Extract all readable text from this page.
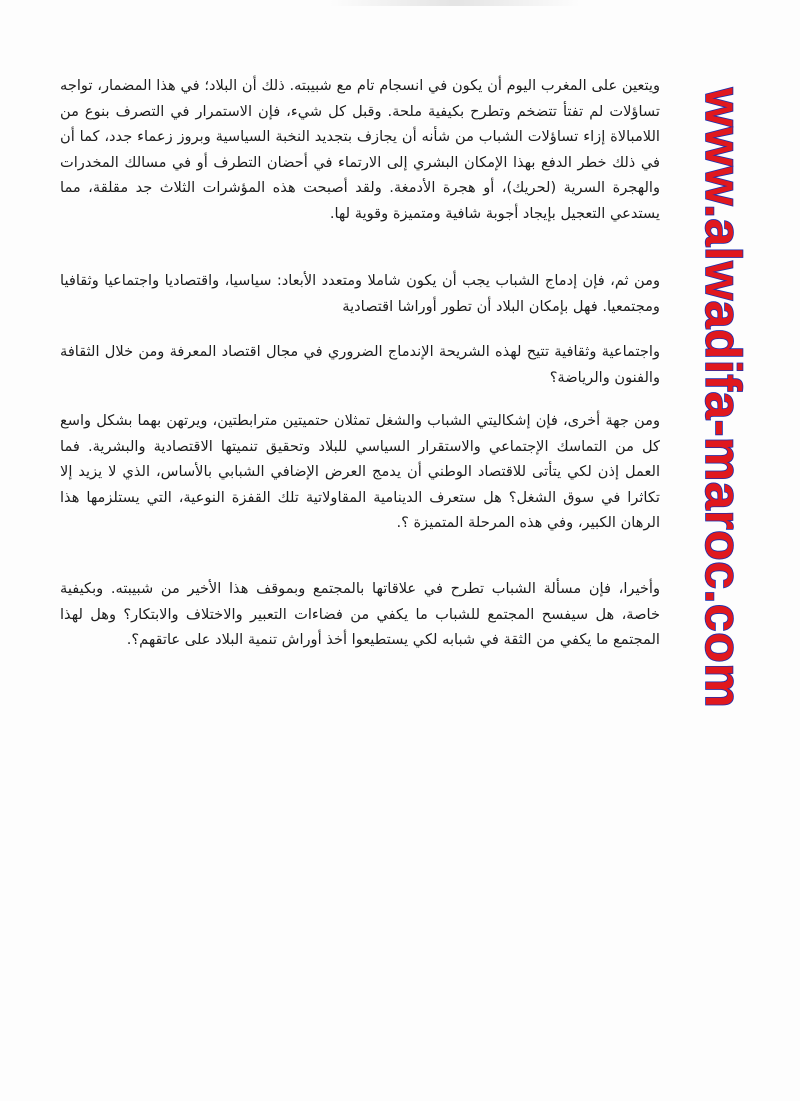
ويتعين على المغرب اليوم أن يكون في انسجام تام مع شبيبته. ذلك أن البلاد؛ في هذا المضمار، تواجه تساؤلات لم تفتأ تتضخم وتطرح بكيفية ملحة. وقبل كل شيء، فإن الاستمرار في التصرف بنوع من اللامبالاة إزاء تساؤلات الشباب من شأنه أن يجازف بتجديد النخبة السياسية وبروز زعماء جدد، كما أن في ذلك خطر الدفع بهذا الإمكان البشري إلى الارتماء في أحضان التطرف أو في مسالك المخدرات والهجرة السرية (لحريك)، أو هجرة الأدمغة. ولقد أصبحت هذه المؤشرات الثلاث جد مقلقة، مما يستدعي التعجيل بإيجاد أجوبة شافية ومتميزة وقوية لها.

ومن ثم، فإن إدماج الشباب يجب أن يكون شاملا ومتعدد الأبعاد: سياسيا، واقتصاديا واجتماعيا وثقافيا ومجتمعيا. فهل بإمكان البلاد أن تطور أوراشا اقتصادية

واجتماعية وثقافية تتيح لهذه الشريحة الإندماج الضروري في مجال اقتصاد المعرفة ومن خلال الثقافة والفنون والرياضة؟

ومن جهة أخرى، فإن إشكاليتي الشباب والشغل تمثلان حتميتين مترابطتين، ويرتهن بهما بشكل واسع كل من التماسك الإجتماعي والاستقرار السياسي للبلاد وتحقيق تنميتها الاقتصادية والبشرية. فما العمل إذن لكي يتأتى للاقتصاد الوطني أن يدمج العرض الإضافي الشبابي بالأساس، الذي لا يزيد إلا تكاثرا في سوق الشغل؟ هل ستعرف الدينامية المقاولاتية تلك القفزة النوعية، التي يستلزمها هذا الرهان الكبير، وفي هذه المرحلة المتميزة ؟.

وأخيرا، فإن مسألة الشباب تطرح في علاقاتها بالمجتمع وبموقف هذا الأخير من شبيبته. وبكيفية خاصة، هل سيفسح المجتمع للشباب ما يكفي من فضاءات التعبير والاختلاف والابتكار؟ وهل لهذا المجتمع ما يكفي من الثقة في شبابه لكي يستطيعوا أخذ أوراش تنمية البلاد على عاتقهم؟. www.alwadifa-maroc.com
